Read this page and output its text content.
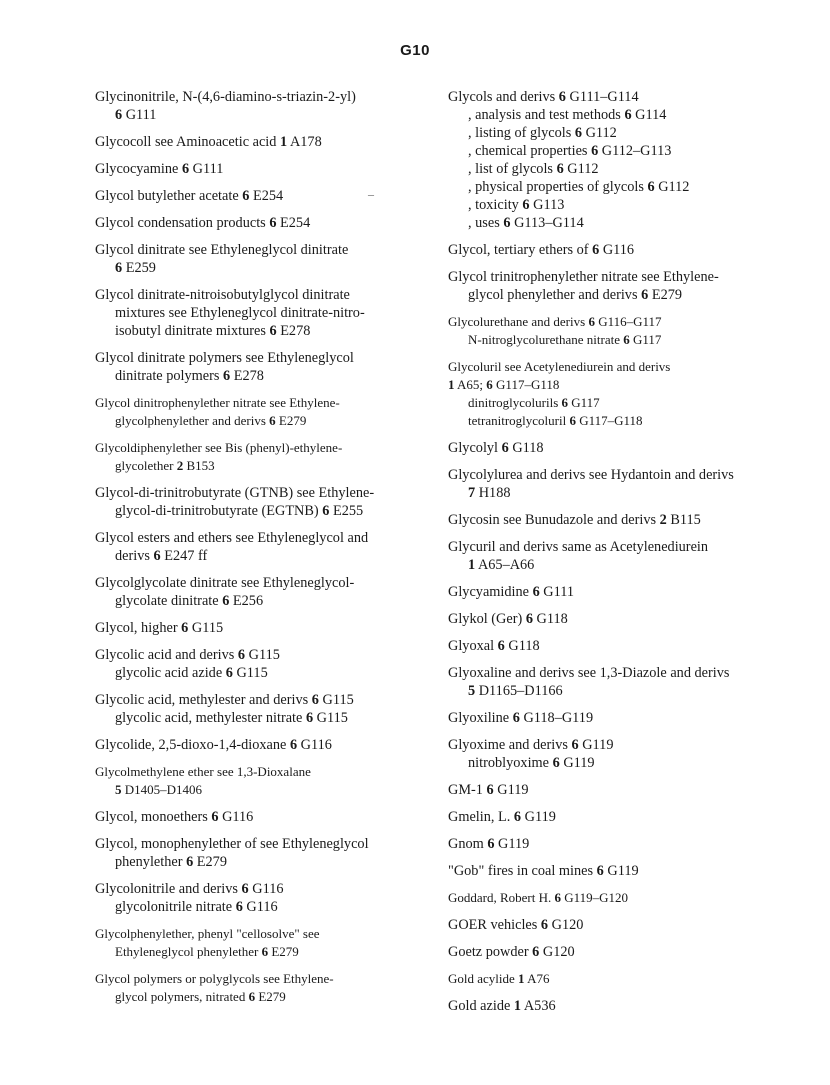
G10

Glycinonitrile, N-(4,6-diamino-s-triazin-2-yl)
6 G111

Glycocoll see Aminoacetic acid 1 A178

Glycocyamine 6 G111

Glycol butylether acetate 6 E254

Glycol condensation products 6 E254

Glycol dinitrate see Ethyleneglycol dinitrate
6 E259

Glycol dinitrate-nitroisobutylglycol dinitrate
mixtures see Ethyleneglycol dinitrate-nitro-
isobutyl dinitrate mixtures 6 E278

Glycol dinitrate polymers see Ethyleneglycol
dinitrate polymers 6 E278

Glycol dinitrophenylether nitrate see Ethylene-
glycolphenylether and derivs 6 E279

Glycoldiphenylether see Bis (phenyl)-ethylene-
glycolether 2 B153

Glycol-di-trinitrobutyrate (GTNB) see Ethylene-
glycol-di-trinitrobutyrate (EGTNB) 6 E255

Glycol esters and ethers see Ethyleneglycol and
derivs 6 E247 ff

Glycolglycolate dinitrate see Ethyleneglycol-
glycolate dinitrate 6 E256

Glycol, higher 6 G115

Glycolic acid and derivs 6 G115
glycolic acid azide 6 G115

Glycolic acid, methylester and derivs 6 G115
glycolic acid, methylester nitrate 6 G115

Glycolide, 2,5-dioxo-1,4-dioxane 6 G116

Glycolmethylene ether see 1,3-Dioxalane
5 D1405–D1406

Glycol, monoethers 6 G116

Glycol, monophenylether of see Ethyleneglycol
phenylether 6 E279

Glycolonitrile and derivs 6 G116
glycolonitrile nitrate 6 G116

Glycolphenylether, phenyl "cellosolve" see
Ethyleneglycol phenylether 6 E279

Glycol polymers or polyglycols see Ethylene-
glycol polymers, nitrated 6 E279

Glycols and derivs 6 G111–G114
, analysis and test methods 6 G114
, listing of glycols 6 G112
, chemical properties 6 G112–G113
, list of glycols 6 G112
, physical properties of glycols 6 G112
, toxicity 6 G113
, uses 6 G113–G114

Glycol, tertiary ethers of 6 G116

Glycol trinitrophenylether nitrate see Ethylene-
glycol phenylether and derivs 6 E279

Glycolurethane and derivs 6 G116–G117
N-nitroglycolurethane nitrate 6 G117

Glycoluril see Acetylenediurein and derivs
1 A65; 6 G117–G118
dinitroglycolurils 6 G117
tetranitroglycoluril 6 G117–G118

Glycolyl 6 G118

Glycolylurea and derivs see Hydantoin and derivs
7 H188

Glycosin see Bunudazole and derivs 2 B115

Glycuril and derivs same as Acetylenediurein
1 A65–A66

Glycyamidine 6 G111

Glykol (Ger) 6 G118

Glyoxal 6 G118

Glyoxaline and derivs see 1,3-Diazole and derivs
5 D1165–D1166

Glyoxiline 6 G118–G119

Glyoxime and derivs 6 G119
nitroblyoxime 6 G119

GM-1 6 G119

Gmelin, L. 6 G119

Gnom 6 G119

"Gob" fires in coal mines 6 G119

Goddard, Robert H. 6 G119–G120

GOER vehicles 6 G120

Goetz powder 6 G120

Gold acylide 1 A76

Gold azide 1 A536

–
